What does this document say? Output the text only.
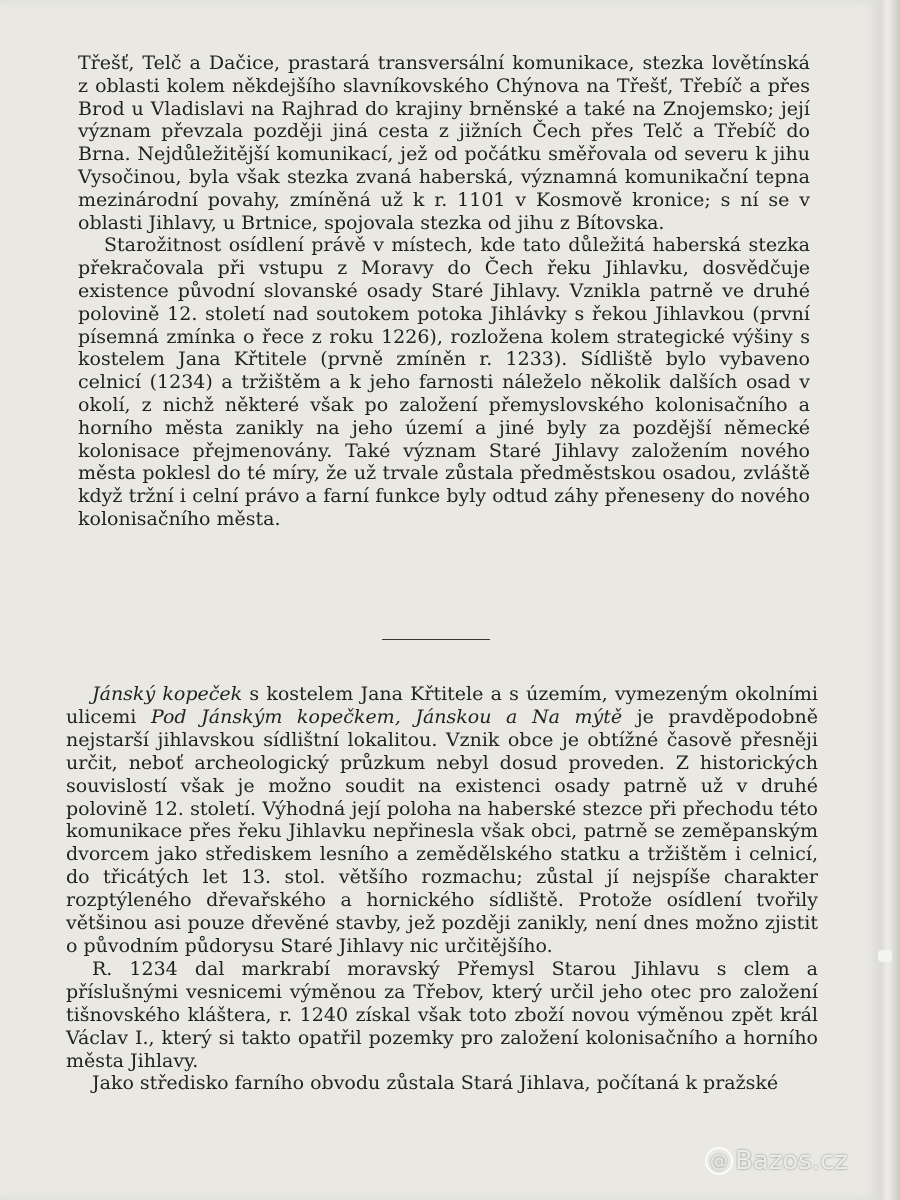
Třešť, Telč a Dačice, prastará transversální komunikace, stezka lovětínská z oblasti kolem někdejšího slavníkovského Chýnova na Třešť, Třebíč a přes Brod u Vladislavi na Rajhrad do krajiny brněnské a také na Znojemsko; její význam převzala později jiná cesta z jižních Čech přes Telč a Třebíč do Brna. Nejdůležitější komunikací, jež od počátku směřovala od severu k jihu Vysočinou, byla však stezka zvaná haberská, významná komunikační tepna mezinárodní povahy, zmíněná už k r. 1101 v Kosmově kronice; s ní se v oblasti Jihlavy, u Brtnice, spojovala stezka od jihu z Bítovska.

Starožitnost osídlení právě v místech, kde tato důležitá haberská stezka překračovala při vstupu z Moravy do Čech řeku Jihlavku, dosvědčuje existence původní slovanské osady Staré Jihlavy. Vznikla patrně ve druhé polovině 12. století nad soutokem potoka Jihlávky s řekou Jihlavkou (první písemná zmínka o řece z roku 1226), rozložena kolem strategické výšiny s kostelem Jana Křtitele (prvně zmíněn r. 1233). Sídliště bylo vybaveno celnicí (1234) a tržištěm a k jeho farnosti náleželo několik dalších osad v okolí, z nichž některé však po založení přemyslovského kolonisačního a horního města zanikly na jeho území a jiné byly za pozdější německé kolonisace přejmenovány. Také význam Staré Jihlavy založením nového města poklesl do té míry, že už trvale zůstala předměstskou osadou, zvláště když tržní i celní právo a farní funkce byly odtud záhy přeneseny do nového kolonisačního města.

Jánský kopeček s kostelem Jana Křtitele a s územím, vymezeným okolními ulicemi Pod Jánským kopečkem, Jánskou a Na mýtě je pravděpodobně nejstarší jihlavskou sídlištní lokalitou. Vznik obce je obtížné časově přesněji určit, neboť archeologický průzkum nebyl dosud proveden. Z historických souvislostí však je možno soudit na existenci osady patrně už v druhé polovině 12. století. Výhodná její poloha na haberské stezce při přechodu této komunikace přes řeku Jihlavku nepřinesla však obci, patrně se zeměpanským dvorcem jako střediskem lesního a zemědělského statku a tržištěm i celnicí, do třicátých let 13. stol. většího rozmachu; zůstal jí nejspíše charakter rozptýleného dřevařského a hornického sídliště. Protože osídlení tvořily většinou asi pouze dřevěné stavby, jež později zanikly, není dnes možno zjistit o původním půdorysu Staré Jihlavy nic určitějšího.

R. 1234 dal markrabí moravský Přemysl Starou Jihlavu s clem a příslušnými vesnicemi výměnou za Třebov, který určil jeho otec pro založení tišnovského kláštera, r. 1240 získal však toto zboží novou výměnou zpět král Václav I., který si takto opatřil pozemky pro založení kolonisačního a horního města Jihlavy.

Jako středisko farního obvodu zůstala Stará Jihlava, počítaná k pražské

@ Bazos.cz
